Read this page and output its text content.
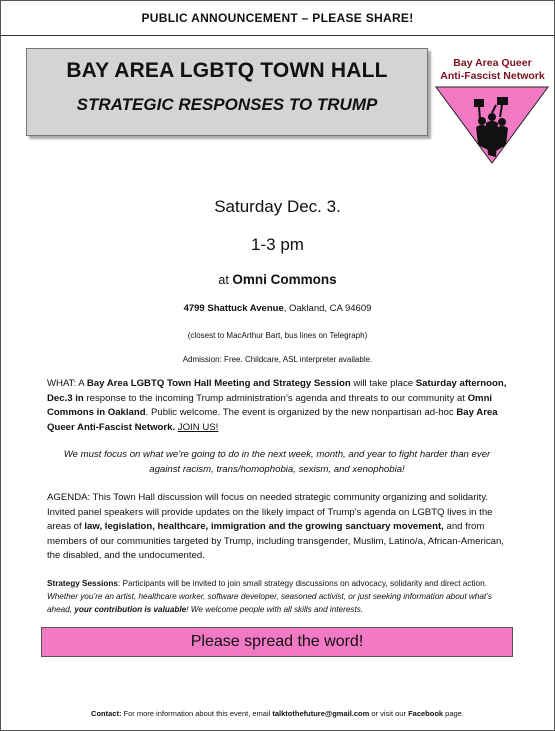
PUBLIC ANNOUNCEMENT – PLEASE SHARE!
BAY AREA LGBTQ TOWN HALL
STRATEGIC RESPONSES TO TRUMP
Bay Area Queer
Anti-Fascist Network
Saturday Dec. 3.
1-3 pm
at Omni Commons
4799 Shattuck Avenue, Oakland, CA 94609
(closest to MacArthur Bart, bus lines on Telegraph)
Admission: Free. Childcare, ASL interpreter available.
WHAT: A Bay Area LGBTQ Town Hall Meeting and Strategy Session will take place Saturday afternoon, Dec.3 in response to the incoming Trump administration’s agenda and threats to our community at Omni Commons in Oakland. Public welcome. The event is organized by the new nonpartisan ad-hoc Bay Area Queer Anti-Fascist Network. JOIN US!
We must focus on what we’re going to do in the next week, month, and year to fight harder than ever against racism, trans/homophobia, sexism, and xenophobia!
AGENDA: This Town Hall discussion will focus on needed strategic community organizing and solidarity. Invited panel speakers will provide updates on the likely impact of Trump's agenda on LGBTQ lives in the areas of law, legislation, healthcare, immigration and the growing sanctuary movement, and from members of our communities targeted by Trump, including transgender, Muslim, Latino/a, African-American, the disabled, and the undocumented.
Strategy Sessions: Participants will be invited to join small strategy discussions on advocacy, solidarity and direct action. Whether you’re an artist, healthcare worker, software developer, seasoned activist, or just seeking information about what’s ahead, your contribution is valuable! We welcome people with all skills and interests.
Please spread the word!
Contact: For more information about this event, email talktothefuture@gmail.com or visit our Facebook page.
